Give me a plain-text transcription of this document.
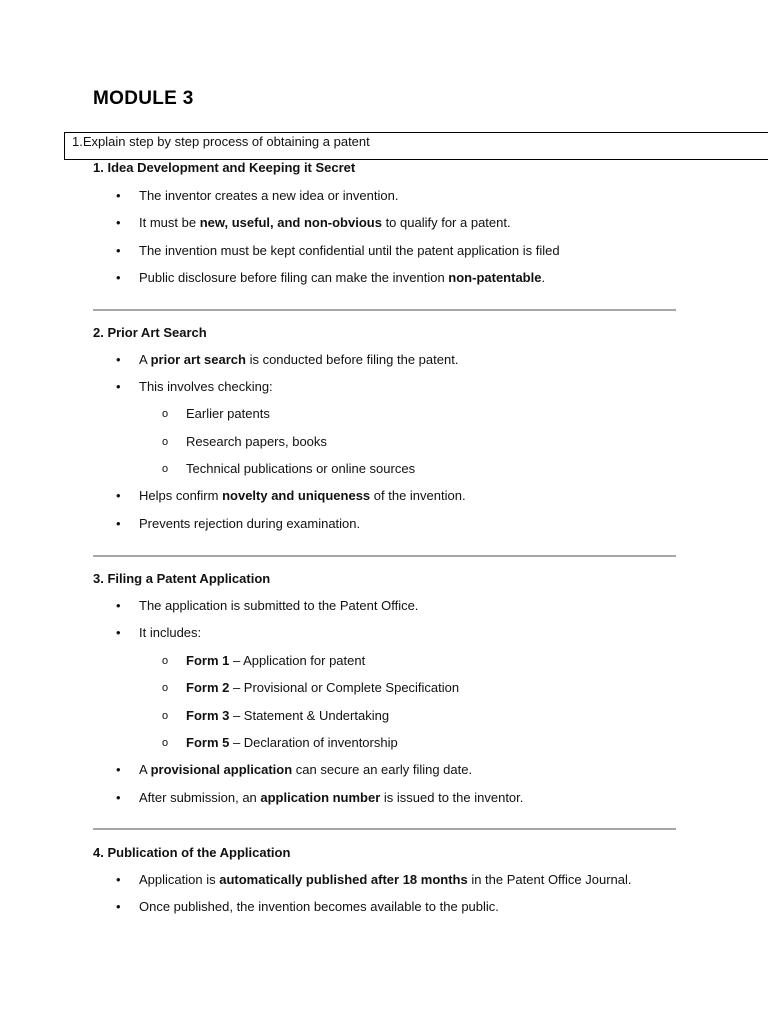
MODULE 3
1.Explain step by step process of obtaining a patent
1. Idea Development and Keeping it Secret
• The inventor creates a new idea or invention.
• It must be new, useful, and non-obvious to qualify for a patent.
• The invention must be kept confidential until the patent application is filed
• Public disclosure before filing can make the invention non-patentable.
2. Prior Art Search
• A prior art search is conducted before filing the patent.
• This involves checking:
o Earlier patents
o Research papers, books
o Technical publications or online sources
• Helps confirm novelty and uniqueness of the invention.
• Prevents rejection during examination.
3. Filing a Patent Application
• The application is submitted to the Patent Office.
• It includes:
o Form 1 – Application for patent
o Form 2 – Provisional or Complete Specification
o Form 3 – Statement & Undertaking
o Form 5 – Declaration of inventorship
• A provisional application can secure an early filing date.
• After submission, an application number is issued to the inventor.
4. Publication of the Application
• Application is automatically published after 18 months in the Patent Office Journal.
• Once published, the invention becomes available to the public.
